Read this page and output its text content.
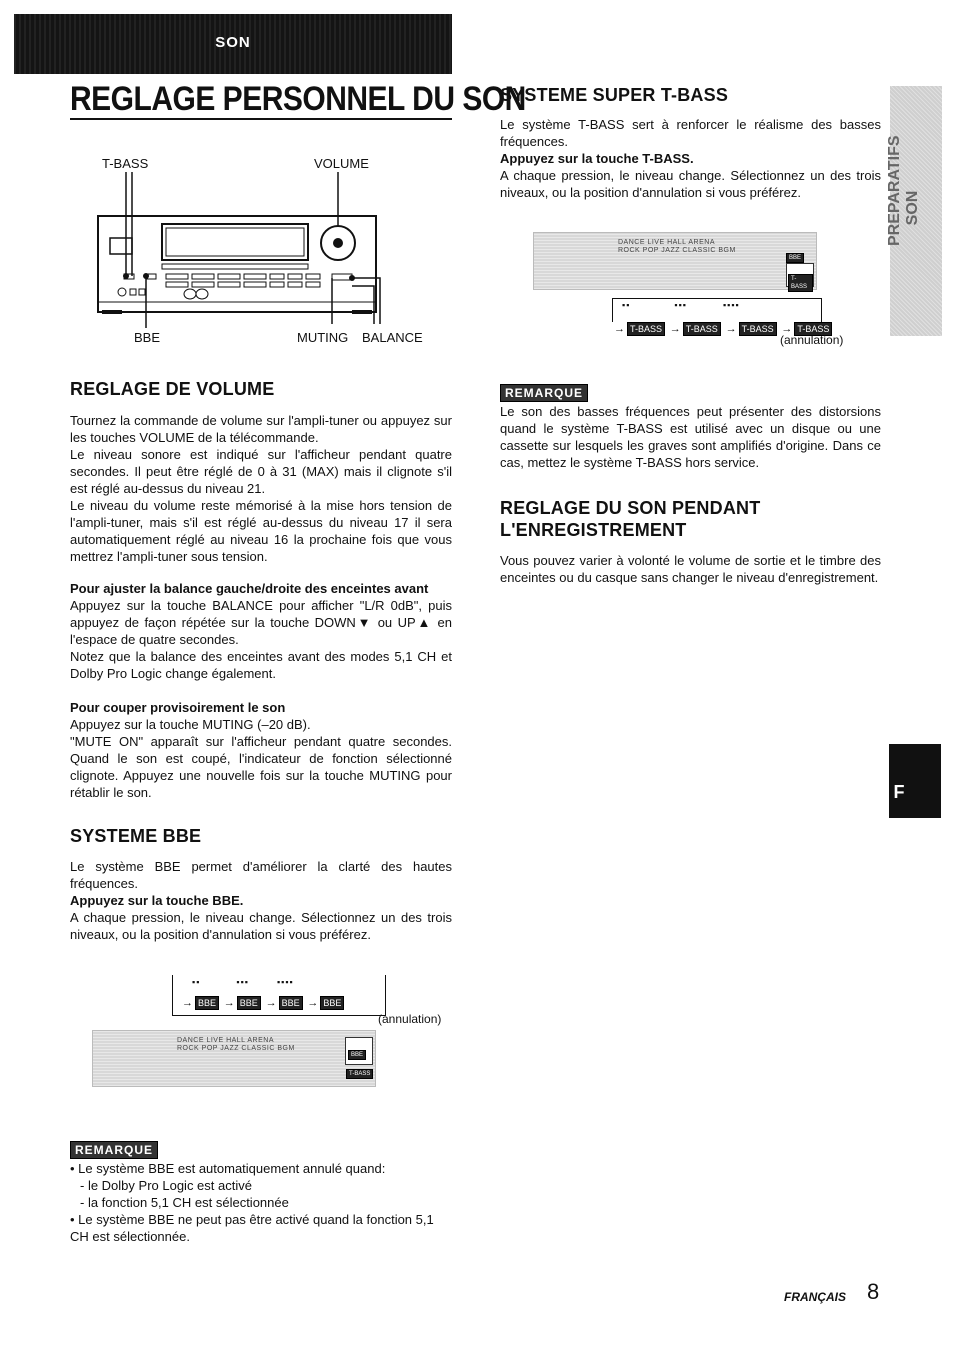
SON
REGLAGE PERSONNEL DU SON
PREPARATIFS SON
F
T-BASS	VOLUME
BBE	MUTING BALANCE
REGLAGE DE VOLUME
Tournez la commande de volume sur l'ampli-tuner ou appuyez sur les touches VOLUME de la télécommande.
Le niveau sonore est indiqué sur l'afficheur pendant quatre secondes. Il peut être réglé de 0 à 31 (MAX) mais il clignote s'il est réglé au-dessus du niveau 21.
Le niveau du volume reste mémorisé à la mise hors tension de l'ampli-tuner, mais s'il est réglé au-dessus du niveau 17 il sera automatiquement réglé au niveau 16 la prochaine fois que vous mettrez l'ampli-tuner sous tension.
Pour ajuster la balance gauche/droite des enceintes avant
Appuyez sur la touche BALANCE pour afficher "L/R 0dB", puis appuyez de façon répétée sur la touche DOWN▼ ou UP▲ en l'espace de quatre secondes.
Notez que la balance des enceintes avant des modes 5,1 CH et Dolby Pro Logic change également.
Pour couper provisoirement le son
Appuyez sur la touche MUTING (–20 dB).
"MUTE ON" apparaît sur l'afficheur pendant quatre secondes. Quand le son est coupé, l'indicateur de fonction sélectionné clignote. Appuyez une nouvelle fois sur la touche MUTING pour rétablir le son.
SYSTEME BBE
Le système BBE permet d'améliorer la clarté des hautes fréquences.
Appuyez sur la touche BBE.
A chaque pression, le niveau change. Sélectionnez un des trois niveaux, ou la position d'annulation si vous préférez.
→ BBE → BBE → BBE → BBE
▪▪	▪▪▪	▪▪▪▪
(annulation)
DANCE LIVE HALL ARENA
ROCK POP JAZZ CLASSIC BGM
BBE
T-BASS
REMARQUE
• Le système BBE est automatiquement annulé quand:
- le Dolby Pro Logic est activé
- la fonction 5,1 CH est sélectionnée
• Le système BBE ne peut pas être activé quand la fonction 5,1 CH est sélectionnée.
SYSTEME SUPER T-BASS
Le système T-BASS sert à renforcer le réalisme des basses fréquences.
Appuyez sur la touche T-BASS.
A chaque pression, le niveau change. Sélectionnez un des trois niveaux, ou la position d'annulation si vous préférez.
DANCE LIVE HALL ARENA
ROCK POP JAZZ CLASSIC BGM
BBE
T-BASS
▪▪	▪▪▪	▪▪▪▪
→ T-BASS → T-BASS → T-BASS → T-BASS
(annulation)
REMARQUE
Le son des basses fréquences peut présenter des distorsions quand le système T-BASS est utilisé avec un disque ou une cassette sur lesquels les graves sont amplifiés d'origine. Dans ce cas, mettez le système T-BASS hors service.
REGLAGE DU SON PENDANT
L'ENREGISTREMENT
Vous pouvez varier à volonté le volume de sortie et le timbre des enceintes ou du casque sans changer le niveau d'enregistrement.
FRANÇAIS 8
